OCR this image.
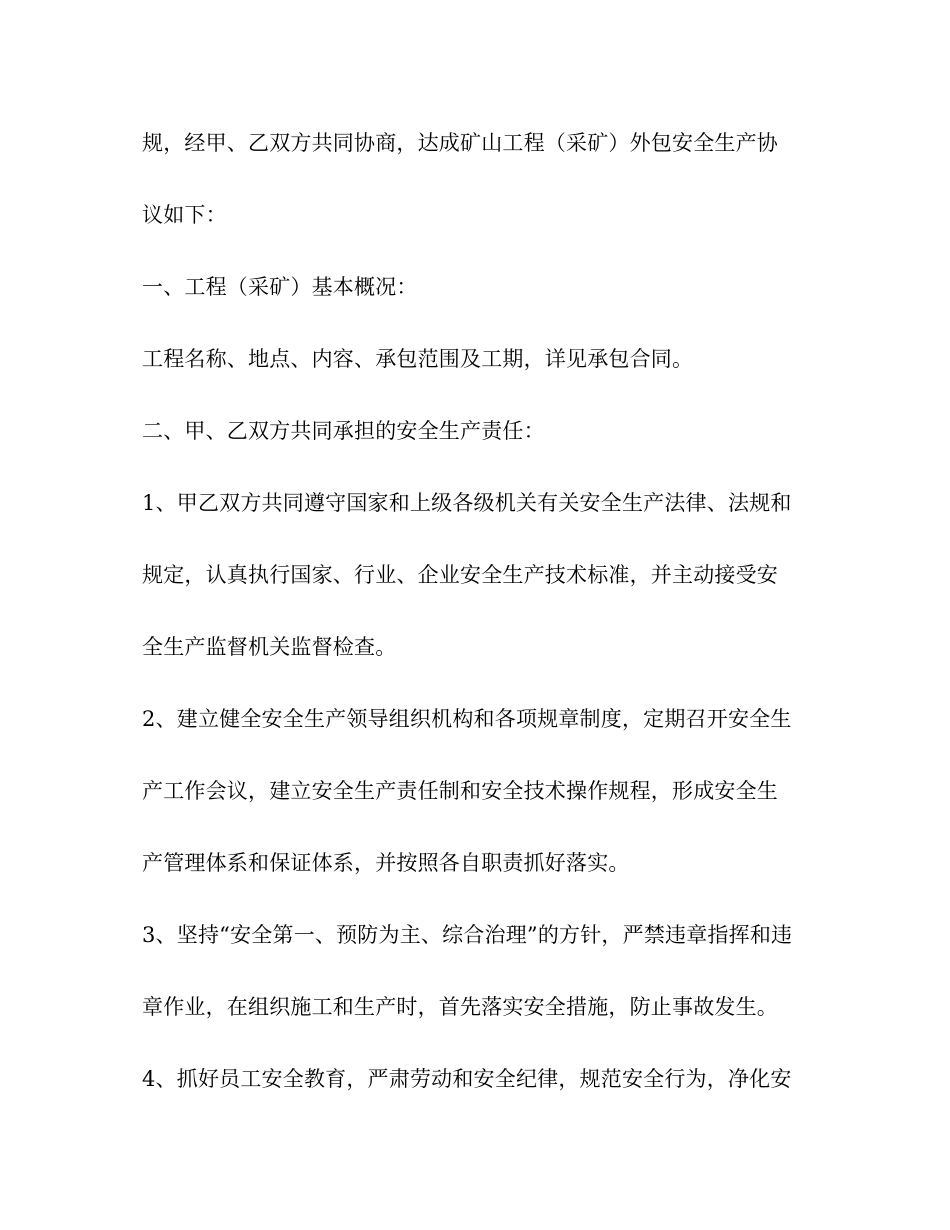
规，经甲、乙双方共同协商，达成矿山工程（采矿）外包安全生产协
议如下：
一、工程（采矿）基本概况：
工程名称、地点、内容、承包范围及工期，详见承包合同。
二、甲、乙双方共同承担的安全生产责任：
1、甲乙双方共同遵守国家和上级各级机关有关安全生产法律、法规和
规定，认真执行国家、行业、企业安全生产技术标准，并主动接受安
全生产监督机关监督检查。
2、建立健全安全生产领导组织机构和各项规章制度，定期召开安全生
产工作会议，建立安全生产责任制和安全技术操作规程，形成安全生
产管理体系和保证体系，并按照各自职责抓好落实。
3、坚持“安全第一、预防为主、综合治理”的方针，严禁违章指挥和违
章作业，在组织施工和生产时，首先落实安全措施，防止事故发生。
4、抓好员工安全教育，严肃劳动和安全纪律，规范安全行为，净化安
